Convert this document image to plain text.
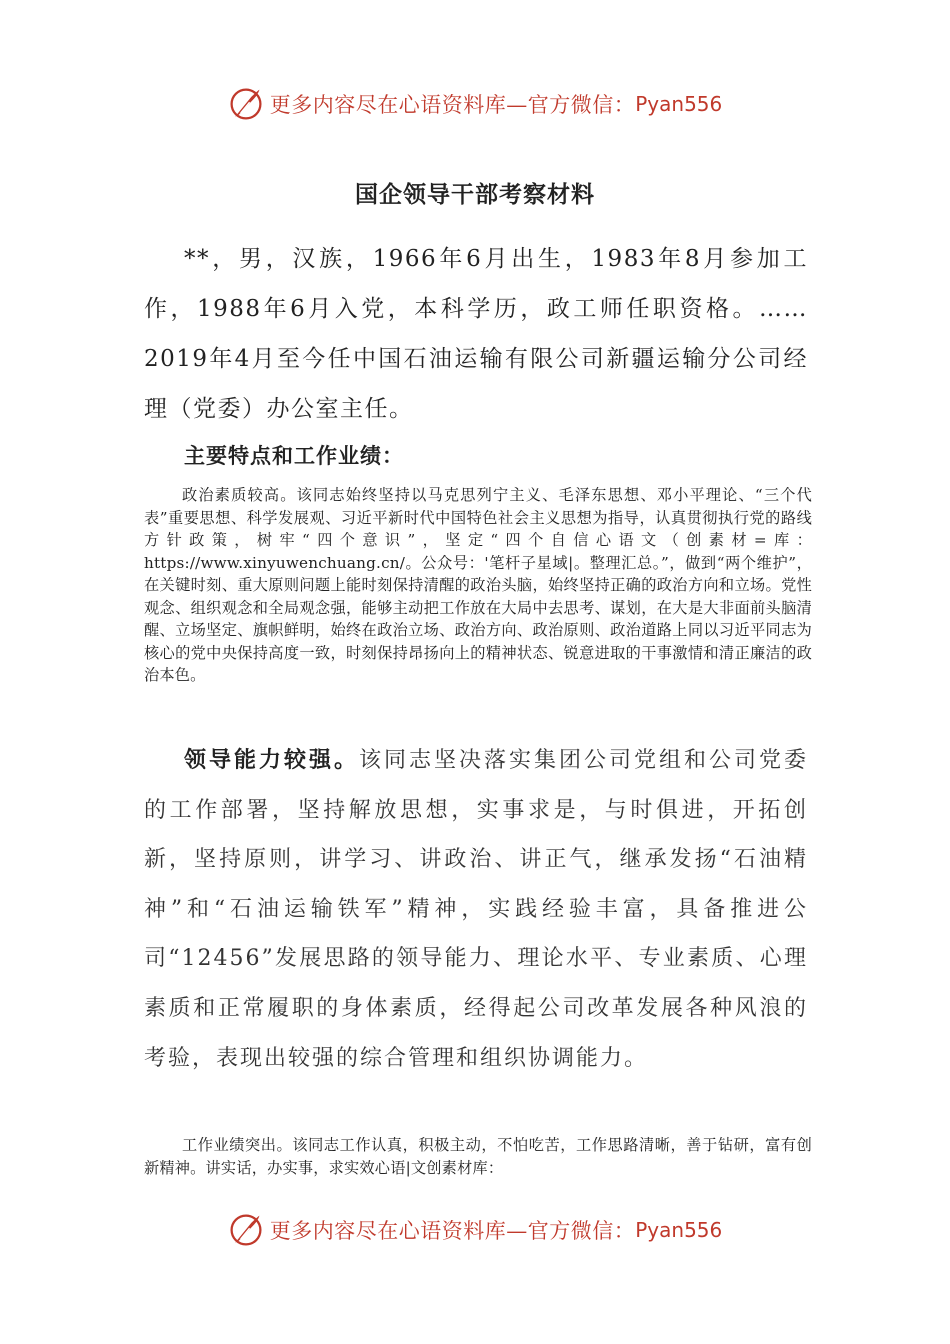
更多内容尽在心语资料库—官方微信： Pyan556
国企领导干部考察材料

**，男，汉族，1966年6月出生，1983年8月参加工作，1988年6月入党，本科学历，政工师任职资格。……2019年4月至今任中国石油运输有限公司新疆运输分公司经理（党委）办公室主任。

主要特点和工作业绩：

政治素质较高。该同志始终坚持以马克思列宁主义、毛泽东思想、邓小平理论、“三个代表”重要思想、科学发展观、习近平新时代中国特色社会主义思想为指导，认真贯彻执行党的路线方针政策，树牢“四个意识”，坚定“四个自信心语文（创素材=库：https://www.xinyuwenchuang.cn/。公众号：'笔杆子星域|。整理汇总。”，做到“两个维护”，在关键时刻、重大原则问题上能时刻保持清醒的政治头脑，始终坚持正确的政治方向和立场。党性观念、组织观念和全局观念强，能够主动把工作放在大局中去思考、谋划，在大是大非面前头脑清醒、立场坚定、旗帜鲜明，始终在政治立场、政治方向、政治原则、政治道路上同以习近平同志为核心的党中央保持高度一致，时刻保持昂扬向上的精神状态、锐意进取的干事激情和清正廉洁的政治本色。

领导能力较强。该同志坚决落实集团公司党组和公司党委的工作部署，坚持解放思想，实事求是，与时俱进，开拓创新，坚持原则，讲学习、讲政治、讲正气，继承发扬“石油精神”和“石油运输铁军”精神，实践经验丰富，具备推进公司“12456”发展思路的领导能力、理论水平、专业素质、心理素质和正常履职的身体素质，经得起公司改革发展各种风浪的考验，表现出较强的综合管理和组织协调能力。

工作业绩突出。该同志工作认真，积极主动，不怕吃苦，工作思路清晰，善于钻研，富有创新精神。讲实话，办实事，求实效心语|文创素材库：

更多内容尽在心语资料库—官方微信： Pyan556
